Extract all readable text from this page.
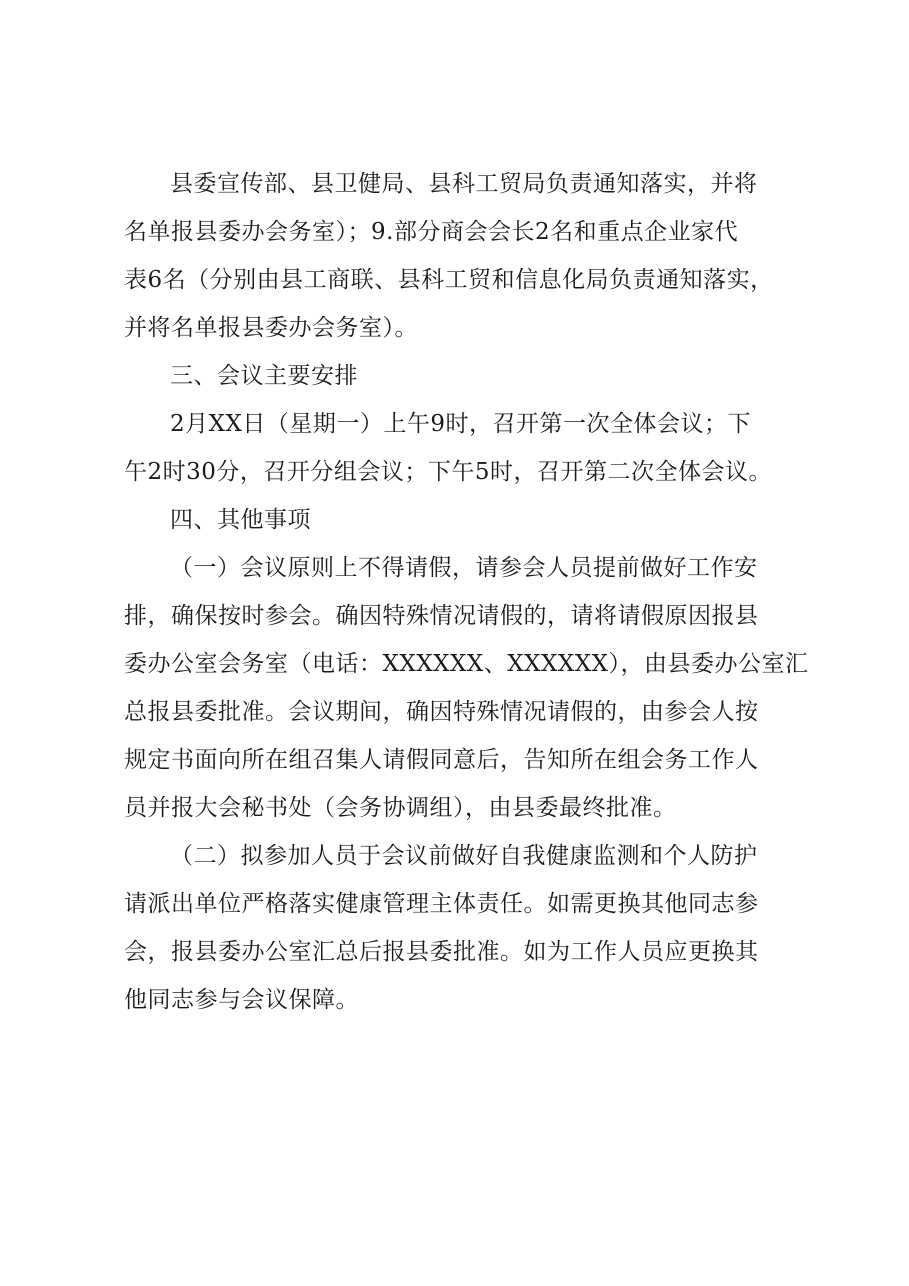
县委宣传部、县卫健局、县科工贸局负责通知落实，并将
名单报县委办会务室）；9.部分商会会长2名和重点企业家代
表6名（分别由县工商联、县科工贸和信息化局负责通知落实，
并将名单报县委办会务室）。
三、会议主要安排
2月XX日（星期一）上午9时，召开第一次全体会议；下
午2时30分，召开分组会议；下午5时，召开第二次全体会议。
四、其他事项
（一）会议原则上不得请假，请参会人员提前做好工作安
排，确保按时参会。确因特殊情况请假的，请将请假原因报县
委办公室会务室（电话：XXXXXX、XXXXXX），由县委办公室汇
总报县委批准。会议期间，确因特殊情况请假的，由参会人按
规定书面向所在组召集人请假同意后，告知所在组会务工作人
员并报大会秘书处（会务协调组），由县委最终批准。
（二）拟参加人员于会议前做好自我健康监测和个人防护
请派出单位严格落实健康管理主体责任。如需更换其他同志参
会，报县委办公室汇总后报县委批准。如为工作人员应更换其
他同志参与会议保障。
